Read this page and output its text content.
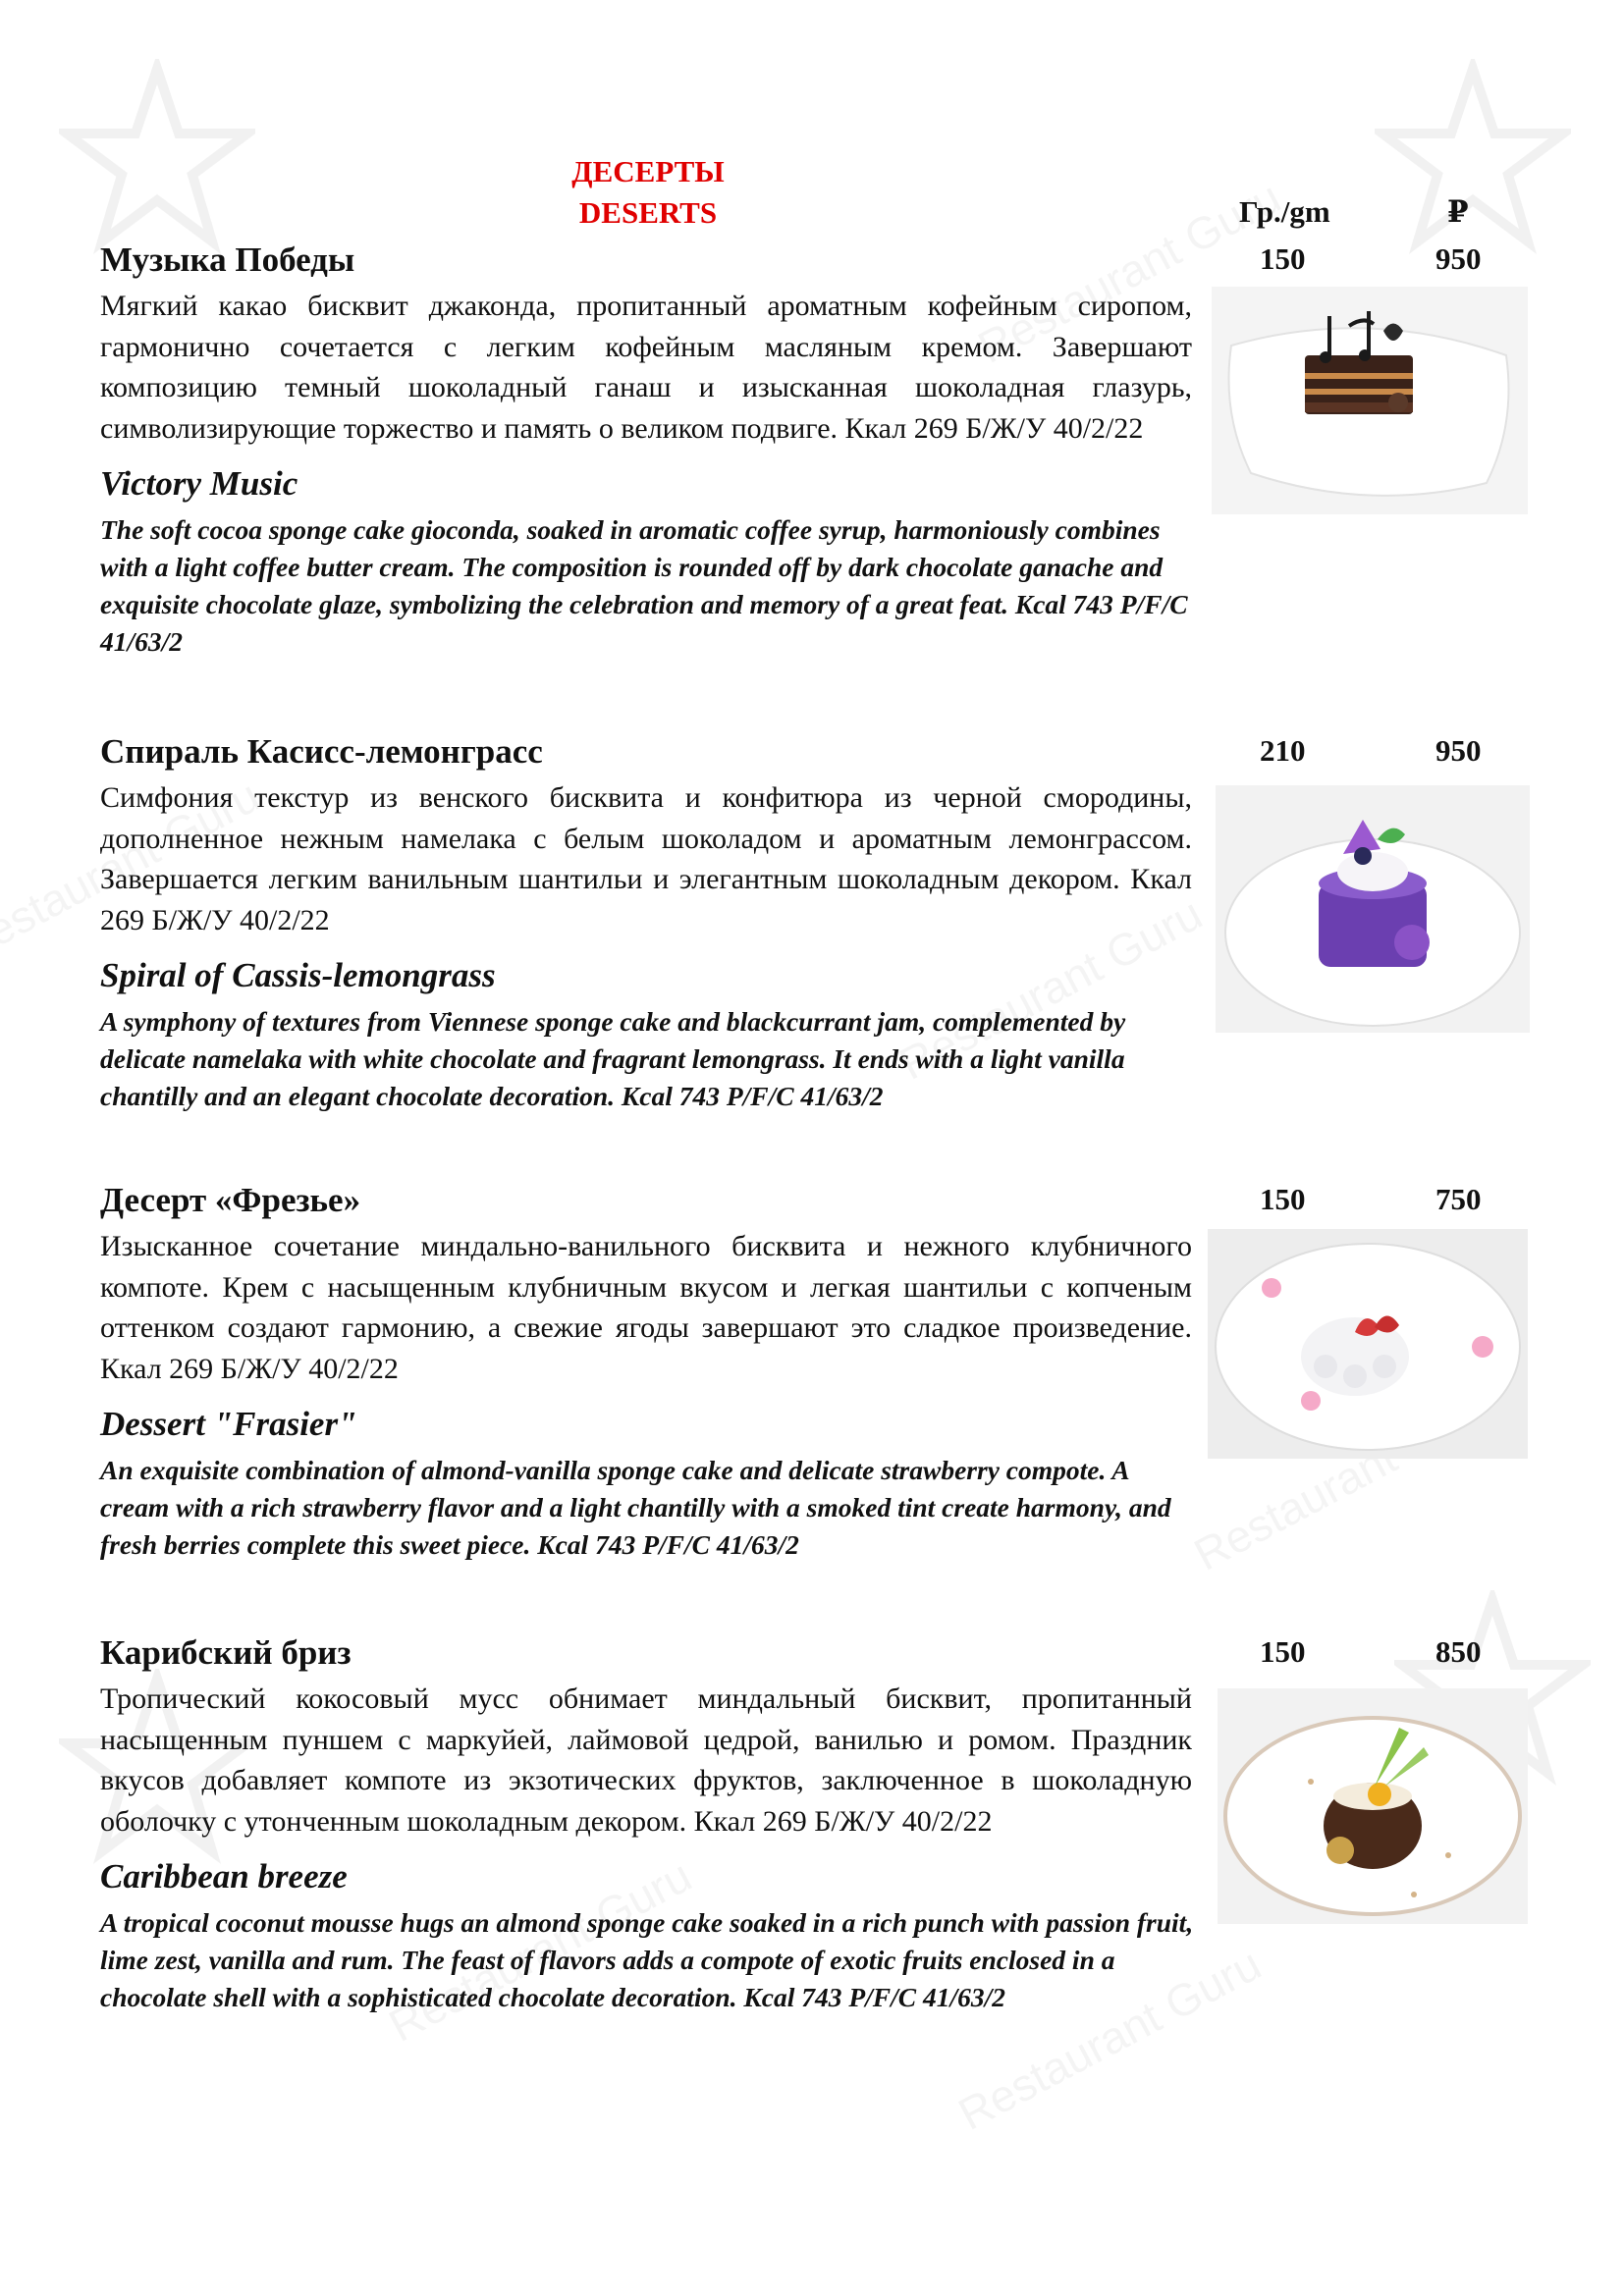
ДЕСЕРТЫ
DESERTS	Гр./gm	₽

Музыка Победы

Мягкий какао бисквит джаконда, пропитанный ароматным кофейным сиропом, гармонично сочетается с легким кофейным масляным кремом. Завершают композицию темный шоколадный ганаш и изысканная шоколадная глазурь, символизирующие торжество и память о великом подвиге. Ккал 269 Б/Ж/У 40/2/22

Victory Music

The soft cocoa sponge cake gioconda, soaked in aromatic coffee syrup, harmoniously combines with a light coffee butter cream. The composition is rounded off by dark chocolate ganache and exquisite chocolate glaze, symbolizing the celebration and memory of a great feat. Kcal 743 P/F/C 41/63/2

150	950

Спираль Касисс-лемонграсс

Симфония текстур из венского бисквита и конфитюра из черной смородины, дополненное нежным намелака с белым шоколадом и ароматным лемонграссом. Завершается легким ванильным шантильи и элегантным шоколадным декором. Ккал 269 Б/Ж/У 40/2/22

Spiral of Cassis-lemongrass

A symphony of textures from Viennese sponge cake and blackcurrant jam, complemented by delicate namelaka with white chocolate and fragrant lemongrass. It ends with a light vanilla chantilly and an elegant chocolate decoration. Kcal 743 P/F/C 41/63/2

210	950

Десерт «Фрезье»

Изысканное сочетание миндально-ванильного бисквита и нежного клубничного компоте. Крем с насыщенным клубничным вкусом и легкая шантильи с копченым оттенком создают гармонию, а свежие ягоды завершают это сладкое произведение. Ккал 269 Б/Ж/У 40/2/22

Dessert "Frasier"

An exquisite combination of almond-vanilla sponge cake and delicate strawberry compote. A cream with a rich strawberry flavor and a light chantilly with a smoked tint create harmony, and fresh berries complete this sweet piece. Kcal 743 P/F/C 41/63/2

150	750

Карибский бриз

Тропический кокосовый мусс обнимает миндальный бисквит, пропитанный насыщенным пуншем с маркуйей, лаймовой цедрой, ванилью и ромом. Праздник вкусов добавляет компоте из экзотических фруктов, заключенное в шоколадную оболочку с утонченным шоколадным декором. Ккал 269 Б/Ж/У 40/2/22

Caribbean breeze

A tropical coconut mousse hugs an almond sponge cake soaked in a rich punch with passion fruit, lime zest, vanilla and rum. The feast of flavors adds a compote of exotic fruits enclosed in a chocolate shell with a sophisticated chocolate decoration. Kcal 743 P/F/C 41/63/2

150	850
